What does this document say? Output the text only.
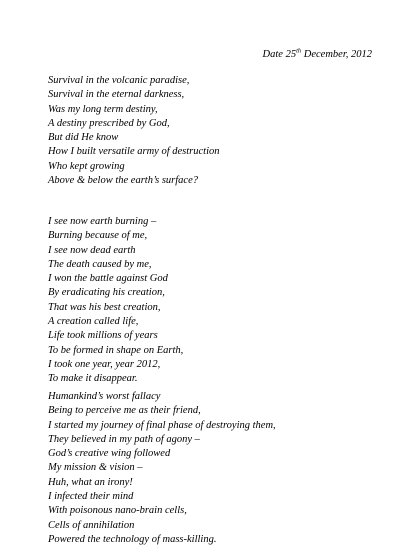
Date 25th December, 2012
Survival in the volcanic paradise,
Survival in the eternal darkness,
Was my long term destiny,
A destiny prescribed by God,
But did He know
How I built versatile army of destruction
Who kept growing
Above & below the earth’s surface?
I see now earth burning –
Burning because of me,
I see now dead earth
The death caused by me,
I won the battle against God
By eradicating his creation,
That was his best creation,
A creation called life,
Life took millions of years
To be formed in shape on Earth,
I took one year, year 2012,
To make it disappear.
Humankind’s worst fallacy
Being to perceive me as their friend,
I started my journey of final phase of destroying them,
They believed in my path of agony –
God’s creative wing followed
My mission & vision –
Huh, what an irony!
I infected their mind
With poisonous nano-brain cells,
Cells of annihilation
Powered the technology of mass-killing.
